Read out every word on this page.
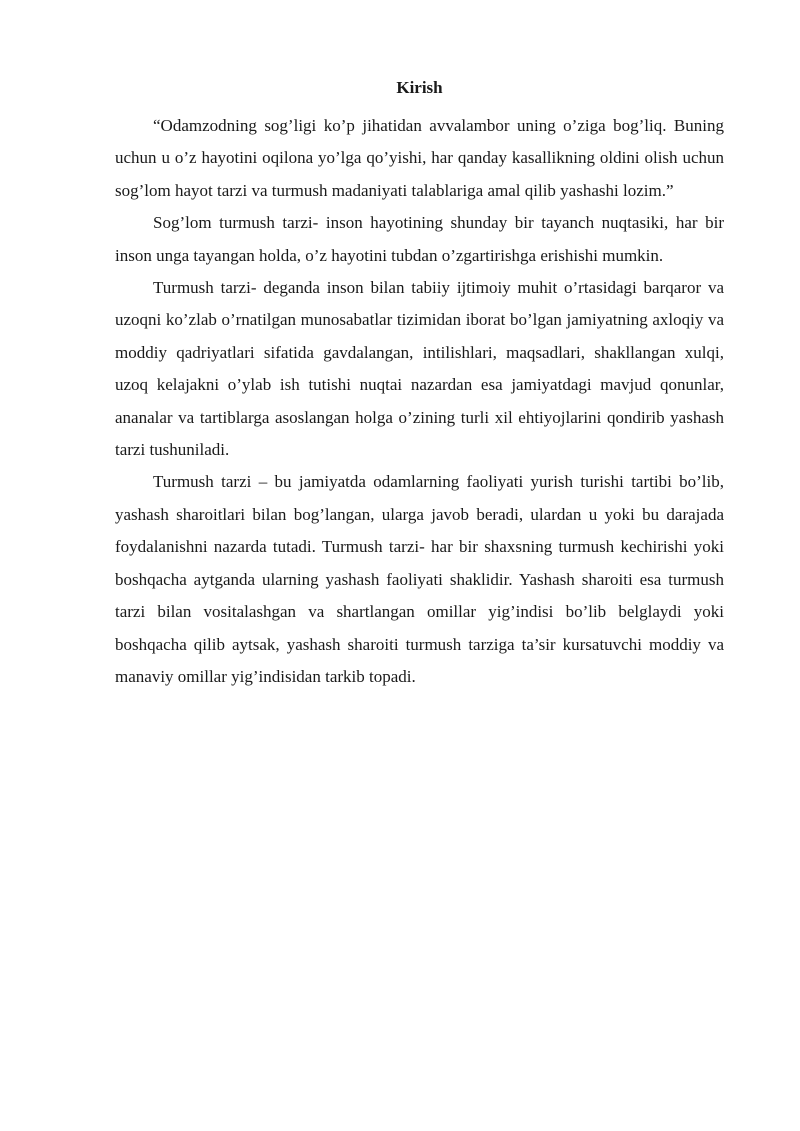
Kirish

“Odamzodning sog’ligi ko’p jihatidan avvalambor uning o’ziga bog’liq. Buning uchun u o’z hayotini oqilona yo’lga qo’yishi, har qanday kasallikning oldini olish uchun sog’lom hayot tarzi va turmush madaniyati talablariga amal qilib yashashi lozim.”

Sog’lom turmush tarzi- inson hayotining shunday bir tayanch nuqtasiki, har bir inson unga tayangan holda, o’z hayotini tubdan o’zgartirishga erishishi mumkin.

Turmush tarzi- deganda inson bilan tabiiy ijtimoiy muhit o’rtasidagi barqaror va uzoqni ko’zlab o’rnatilgan munosabatlar tizimidan iborat bo’lgan jamiyatning axloqiy va moddiy qadriyatlari sifatida gavdalangan, intilishlari, maqsadlari, shakllangan xulqi, uzoq kelajakni o’ylab ish tutishi nuqtai nazardan esa jamiyatdagi mavjud qonunlar, ananalar va tartiblarga asoslangan holga o’zining turli xil ehtiyojlarini qondirib yashash tarzi tushuniladi.

Turmush tarzi – bu jamiyatda odamlarning faoliyati yurish turishi tartibi bo’lib, yashash sharoitlari bilan bog’langan, ularga javob beradi, ulardan u yoki bu darajada foydalanishni nazarda tutadi. Turmush tarzi- har bir shaxsning turmush kechirishi yoki boshqacha aytganda ularning yashash faoliyati shaklidir. Yashash sharoiti esa turmush tarzi bilan vositalashgan va shartlangan omillar yig’indisi bo’lib belglaydi yoki boshqacha qilib aytsak, yashash sharoiti turmush tarziga ta’sir kursatuvchi moddiy va manaviy omillar yig’indisidan tarkib topadi.
